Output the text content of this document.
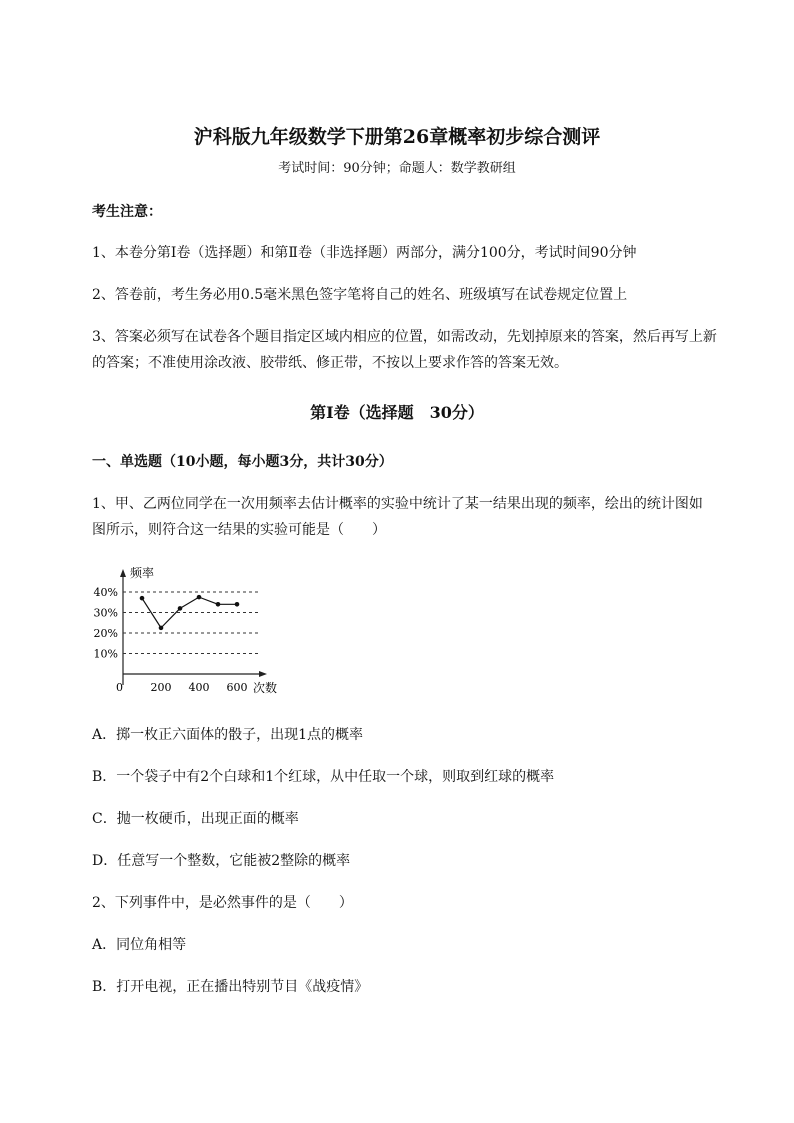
沪科版九年级数学下册第26章概率初步综合测评
考试时间：90分钟；命题人：数学教研组
考生注意：
1、本卷分第I卷（选择题）和第Ⅱ卷（非选择题）两部分，满分100分，考试时间90分钟
2、答卷前，考生务必用0.5毫米黑色签字笔将自己的姓名、班级填写在试卷规定位置上
3、答案必须写在试卷各个题目指定区域内相应的位置，如需改动，先划掉原来的答案，然后再写上新
的答案；不准使用涂改液、胶带纸、修正带，不按以上要求作答的答案无效。
第I卷（选择题　30分）
一、单选题（10小题，每小题3分，共计30分）
1、甲、乙两位同学在一次用频率去估计概率的实验中统计了某一结果出现的频率，绘出的统计图如
图所示，则符合这一结果的实验可能是（　　）
频率
次数
0
10%
20%
30%
40%
200 400 600
A．掷一枚正六面体的骰子，出现1点的概率
B．一个袋子中有2个白球和1个红球，从中任取一个球，则取到红球的概率
C．抛一枚硬币，出现正面的概率
D．任意写一个整数，它能被2整除的概率
2、下列事件中，是必然事件的是（　　）
A．同位角相等
B．打开电视，正在播出特别节目《战疫情》
